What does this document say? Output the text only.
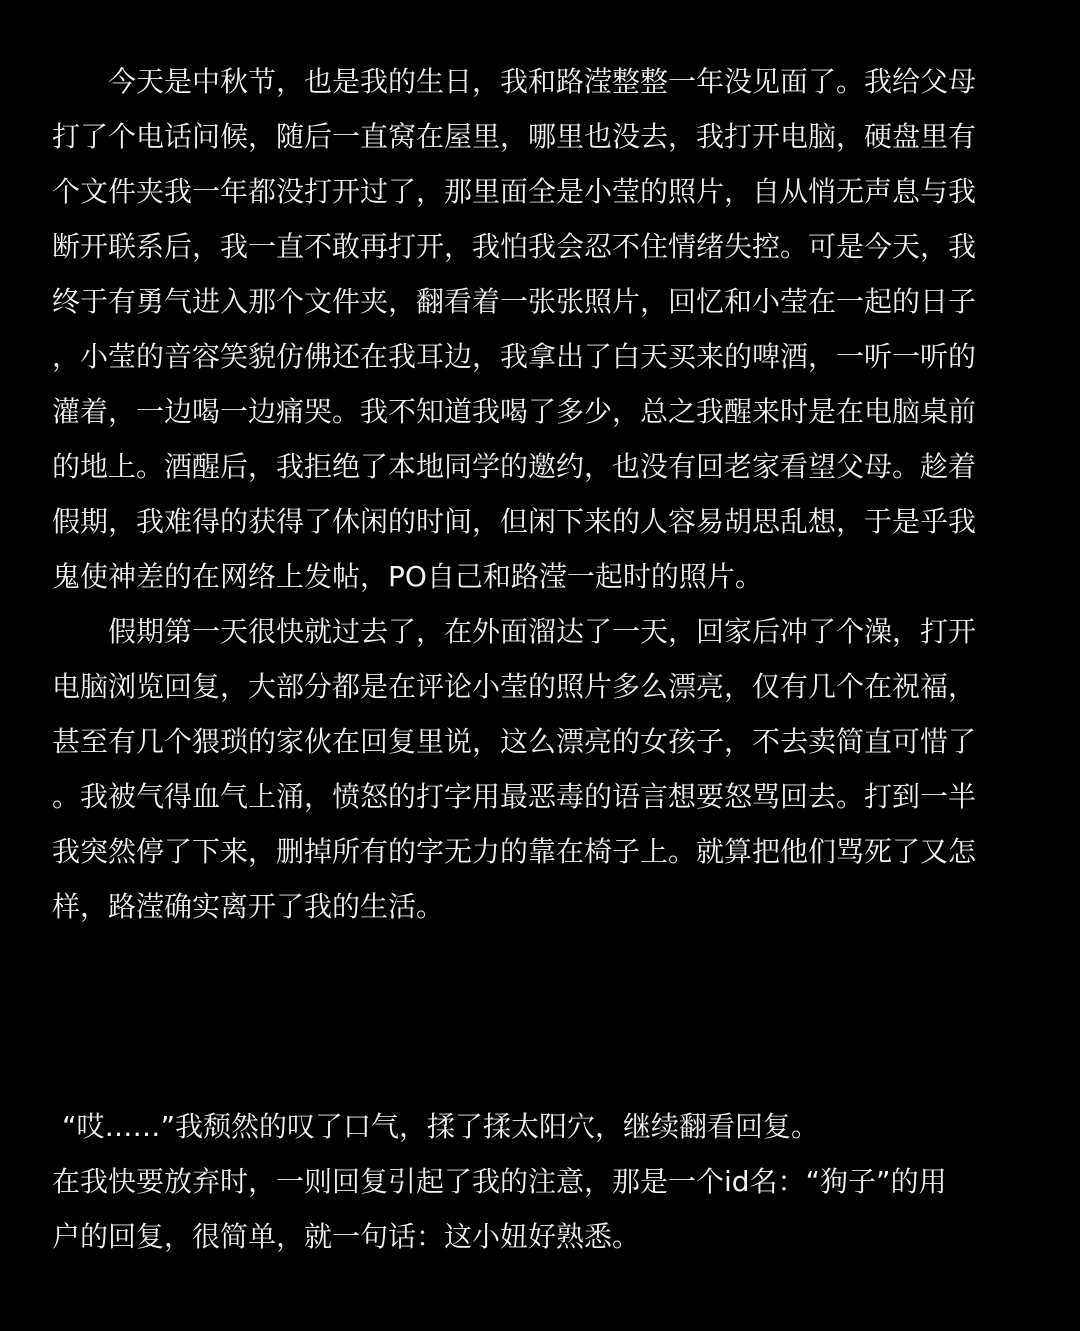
　　今天是中秋节，也是我的生日，我和路滢整整一年没见面了。我给父母
打了个电话问候，随后一直窝在屋里，哪里也没去，我打开电脑，硬盘里有
个文件夹我一年都没打开过了，那里面全是小莹的照片，自从悄无声息与我
断开联系后，我一直不敢再打开，我怕我会忍不住情绪失控。可是今天，我
终于有勇气进入那个文件夹，翻看着一张张照片，回忆和小莹在一起的日子
，小莹的音容笑貌仿佛还在我耳边，我拿出了白天买来的啤酒，一听一听的
灌着，一边喝一边痛哭。我不知道我喝了多少，总之我醒来时是在电脑桌前
的地上。酒醒后，我拒绝了本地同学的邀约，也没有回老家看望父母。趁着
假期，我难得的获得了休闲的时间，但闲下来的人容易胡思乱想，于是乎我
鬼使神差的在网络上发帖，PO自己和路滢一起时的照片。
　　假期第一天很快就过去了，在外面溜达了一天，回家后冲了个澡，打开
电脑浏览回复，大部分都是在评论小莹的照片多么漂亮，仅有几个在祝福，
甚至有几个猥琐的家伙在回复里说，这么漂亮的女孩子，不去卖简直可惜了
。我被气得血气上涌，愤怒的打字用最恶毒的语言想要怒骂回去。打到一半
我突然停了下来，删掉所有的字无力的靠在椅子上。就算把他们骂死了又怎
样，路滢确实离开了我的生活。
“哎……”我颓然的叹了口气，揉了揉太阳穴，继续翻看回复。
在我快要放弃时，一则回复引起了我的注意，那是一个id名：“狗子”的用
户的回复，很简单，就一句话：这小妞好熟悉。
